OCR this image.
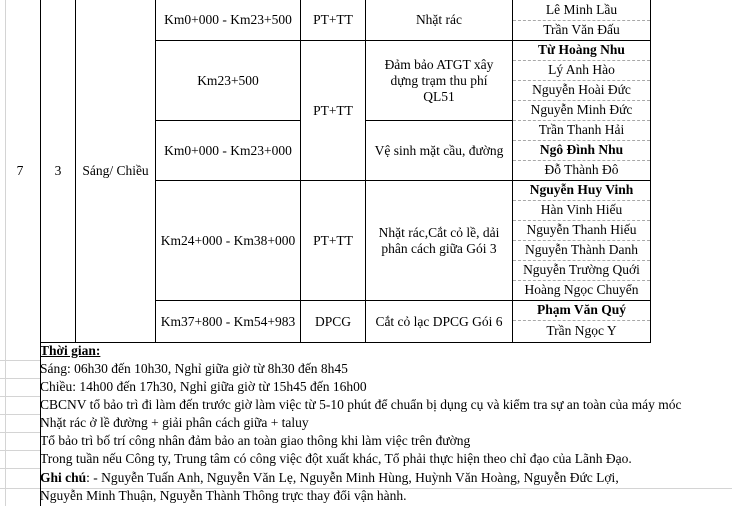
7	3	Sáng/ Chiều
Km0+000 - Km23+500
Km23+500
Km0+000 - Km23+000
Km24+000 - Km38+000
Km37+800 - Km54+983
PT+TT
PT+TT
PT+TT
DPCG
Nhặt rác
Đảm bảo ATGT xây dựng trạm thu phí QL51
Vệ sinh mặt cầu, đường
Nhặt rác,Cắt cỏ lề, dải phân cách giữa Gói 3
Cắt cỏ lạc DPCG Gói 6
Lê Minh Lầu
Trần Văn Đấu
Từ Hoàng Nhu
Lý Anh Hào
Nguyễn Hoài Đức
Nguyễn Minh Đức
Trần Thanh Hải
Ngô Đình Nhu
Đỗ Thành Đô
Nguyễn Huy Vinh
Hàn Vinh Hiếu
Nguyễn Thanh Hiếu
Nguyễn Thành Danh
Nguyễn Trường Quới
Hoàng Ngọc Chuyển
Phạm Văn Quý
Trần Ngọc Y
Thời gian:
Sáng: 06h30 đến 10h30, Nghỉ giữa giờ từ 8h30 đến 8h45
Chiều: 14h00 đến 17h30, Nghỉ giữa giờ từ 15h45 đến 16h00
CBCNV tổ bảo trì đi làm đến trước giờ làm việc từ 5-10 phút để chuẩn bị dụng cụ và kiểm tra sự an toàn của máy móc
Nhặt rác ở lề đường + giải phân cách giữa + taluy
Tổ bảo trì bố trí công nhân đảm bảo an toàn giao thông khi làm việc trên đường
Trong tuần nếu Công ty, Trung tâm có công việc đột xuất khác, Tổ phải thực hiện theo chỉ đạo của Lãnh Đạo.
Ghi chú: - Nguyễn Tuấn Anh, Nguyễn Văn Lẹ, Nguyễn Minh Hùng, Huỳnh Văn Hoàng, Nguyễn Đức Lợi,
Nguyễn Minh Thuận, Nguyễn Thành Thông trực thay đổi vận hành.
